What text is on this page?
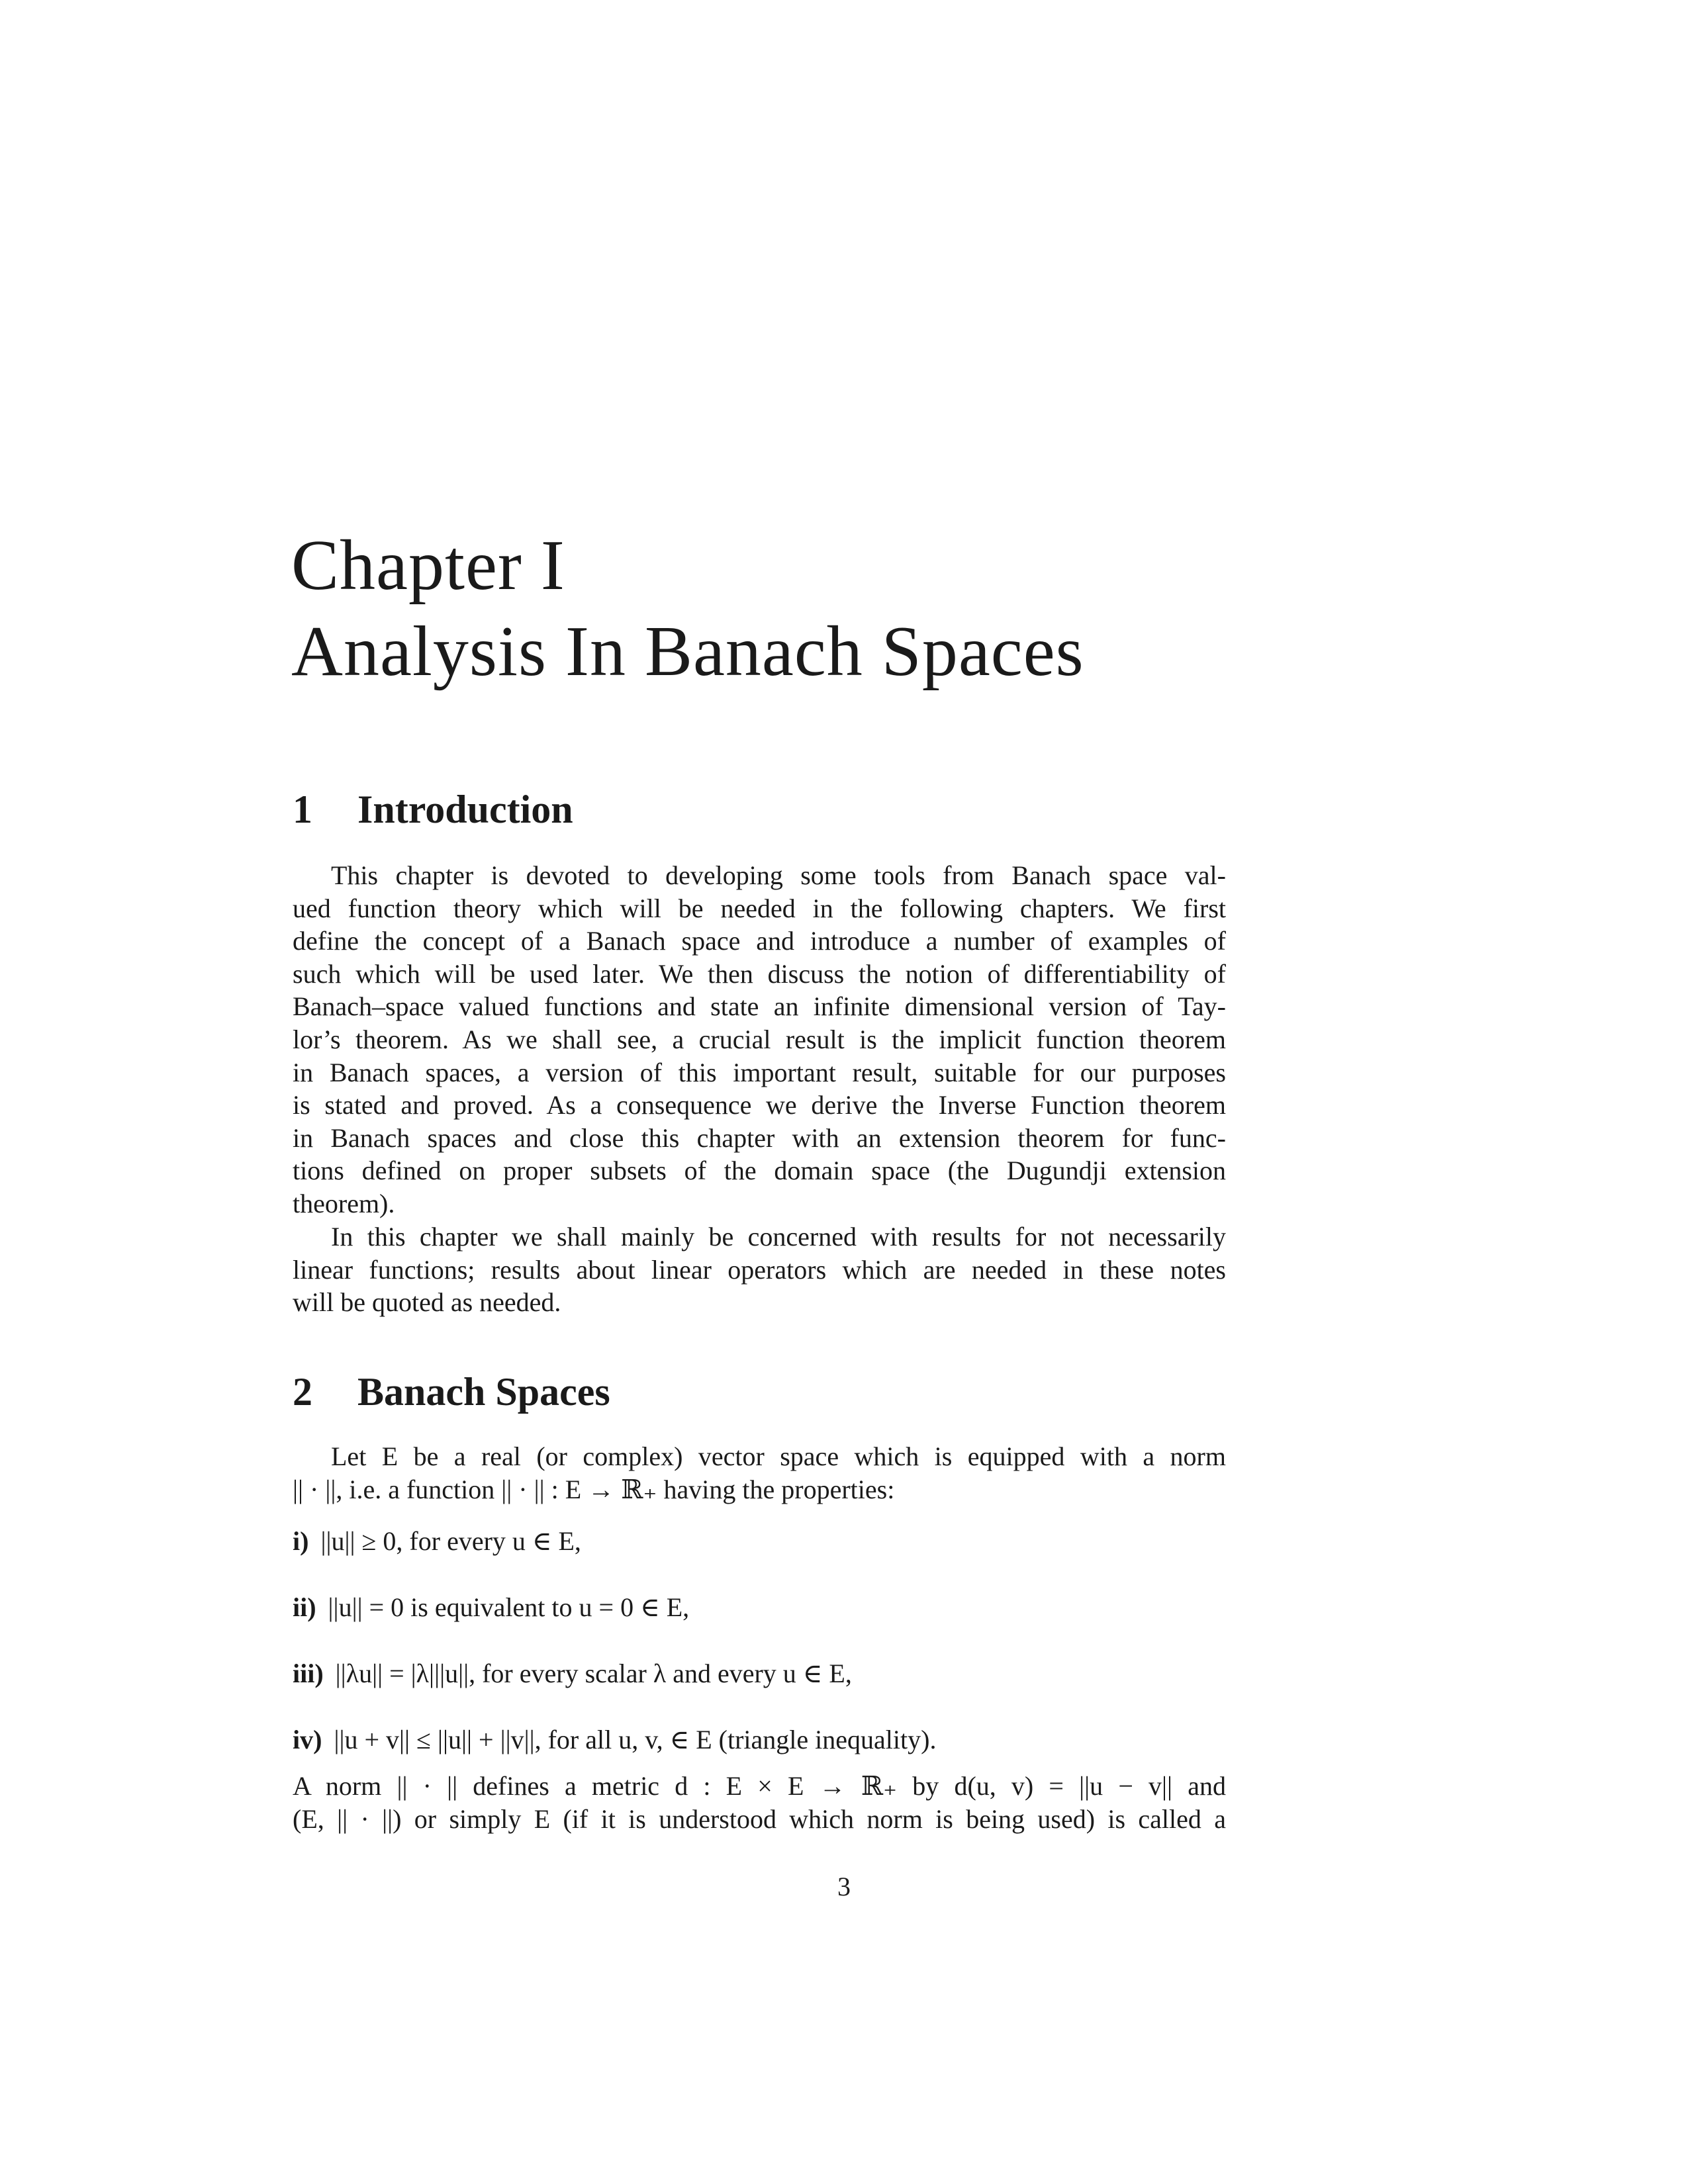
Chapter I
Analysis In Banach Spaces
1 Introduction

This chapter is devoted to developing some tools from Banach space val-
ued function theory which will be needed in the following chapters. We first
define the concept of a Banach space and introduce a number of examples of
such which will be used later. We then discuss the notion of differentiability of
Banach–space valued functions and state an infinite dimensional version of Tay-
lor’s theorem. As we shall see, a crucial result is the implicit function theorem
in Banach spaces, a version of this important result, suitable for our purposes
is stated and proved. As a consequence we derive the Inverse Function theorem
in Banach spaces and close this chapter with an extension theorem for func-
tions defined on proper subsets of the domain space (the Dugundji extension
theorem).

In this chapter we shall mainly be concerned with results for not necessarily
linear functions; results about linear operators which are needed in these notes
will be quoted as needed.

2 Banach Spaces

Let E be a real (or complex) vector space which is equipped with a norm
|| · ||, i.e. a function || · || : E → ℝ₊ having the properties:

i) ||u|| ≥ 0, for every u ∈ E,
ii) ||u|| = 0 is equivalent to u = 0 ∈ E,
iii) ||λu|| = |λ|||u||, for every scalar λ and every u ∈ E,
iv) ||u + v|| ≤ ||u|| + ||v||, for all u, v, ∈ E (triangle inequality).

A norm || · || defines a metric d : E × E → ℝ₊ by d(u, v) = ||u − v|| and
(E, || · ||) or simply E (if it is understood which norm is being used) is called a

3
